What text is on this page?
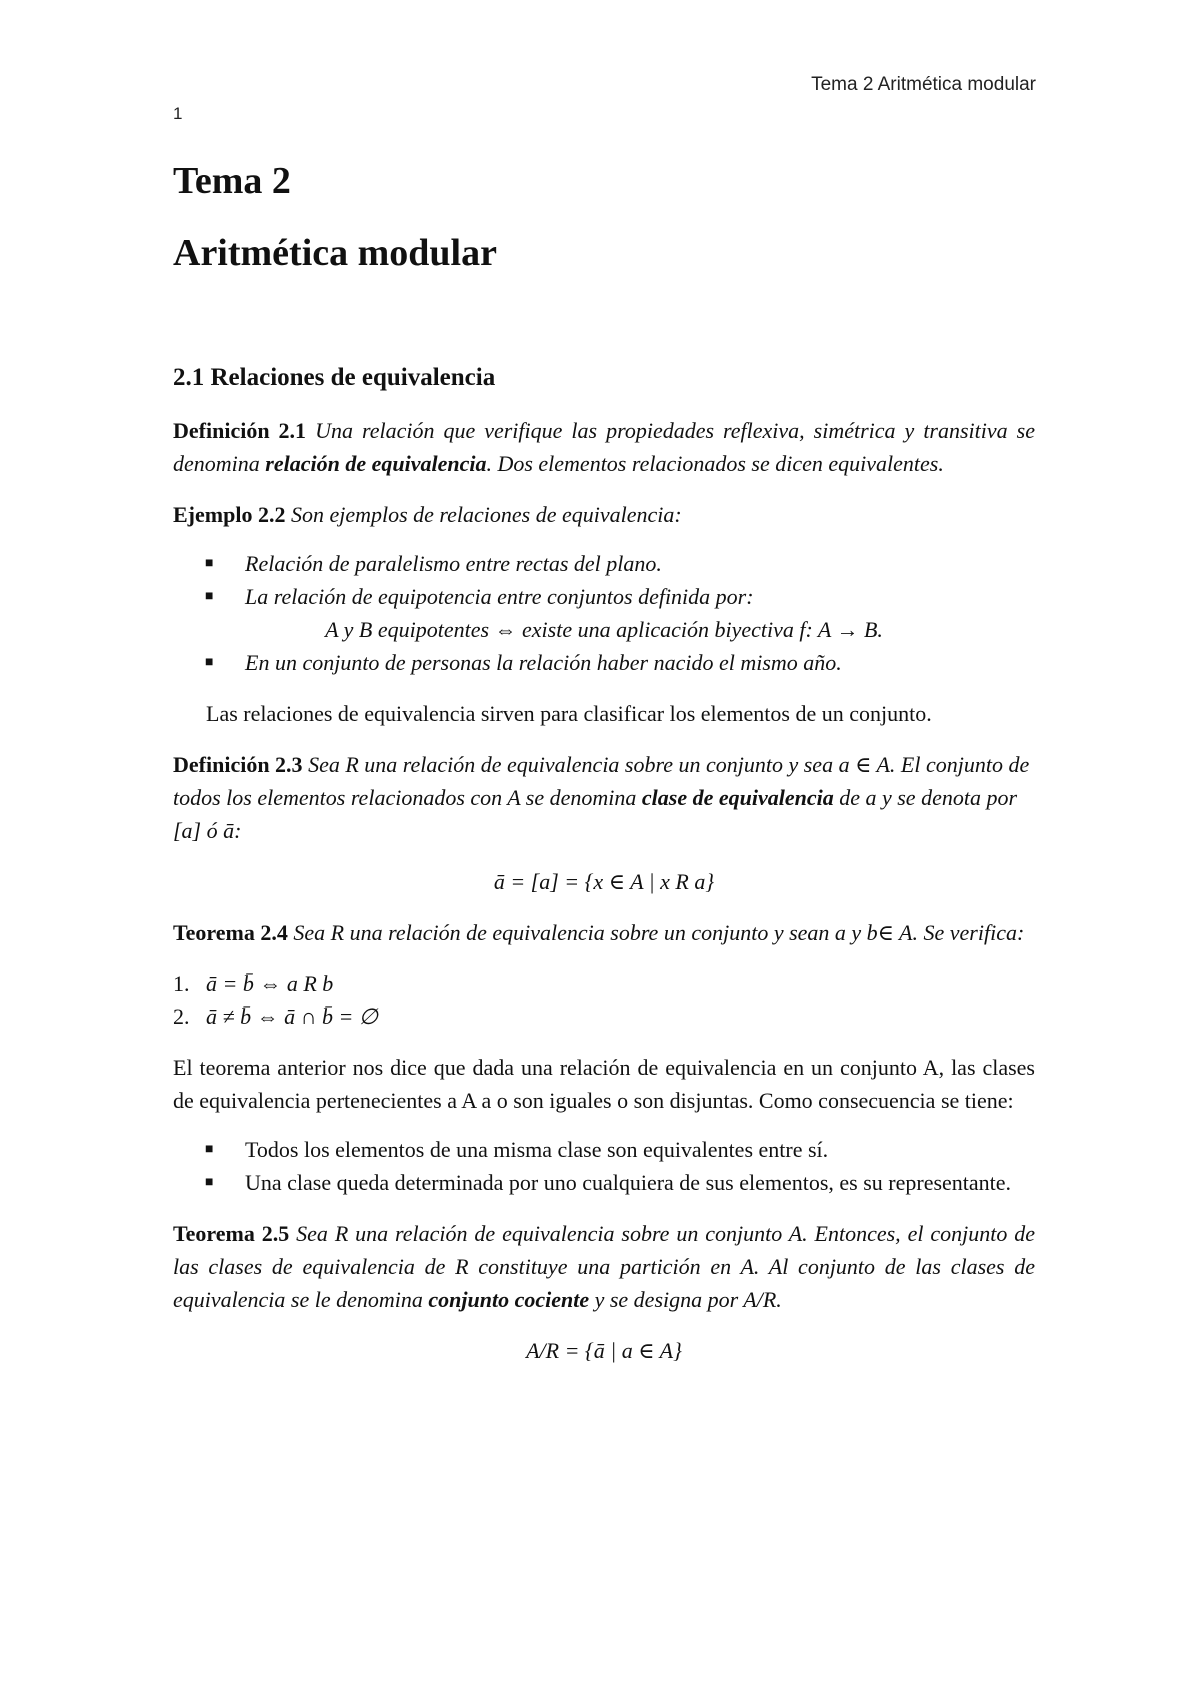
Tema 2 Aritmética modular
1
Tema 2
Aritmética modular
2.1 Relaciones de equivalencia

Definición 2.1 Una relación que verifique las propiedades reflexiva, simétrica y transitiva se denomina relación de equivalencia. Dos elementos relacionados se dicen equivalentes.

Ejemplo 2.2 Son ejemplos de relaciones de equivalencia:

■ Relación de paralelismo entre rectas del plano.
■ La relación de equipotencia entre conjuntos definida por:
A y B equipotentes ⇔ existe una aplicación biyectiva f: A → B.
■ En un conjunto de personas la relación haber nacido el mismo año.

Las relaciones de equivalencia sirven para clasificar los elementos de un conjunto.

Definición 2.3 Sea R una relación de equivalencia sobre un conjunto y sea a ∈ A. El conjunto de todos los elementos relacionados con A se denomina clase de equivalencia de a y se denota por [a] ó ā:

ā = [a] = {x ∈ A | x R a}

Teorema 2.4 Sea R una relación de equivalencia sobre un conjunto y sean a y b∈ A. Se verifica:

1. ā = b̄ ⇔ a R b
2. ā ≠ b̄ ⇔ ā ∩ b̄ = ∅

El teorema anterior nos dice que dada una relación de equivalencia en un conjunto A, las clases de equivalencia pertenecientes a A a o son iguales o son disjuntas. Como consecuencia se tiene:

■ Todos los elementos de una misma clase son equivalentes entre sí.
■ Una clase queda determinada por uno cualquiera de sus elementos, es su representante.

Teorema 2.5 Sea R una relación de equivalencia sobre un conjunto A. Entonces, el conjunto de las clases de equivalencia de R constituye una partición en A. Al conjunto de las clases de equivalencia se le denomina conjunto cociente y se designa por A/R.

A/R = {ā | a ∈ A}
